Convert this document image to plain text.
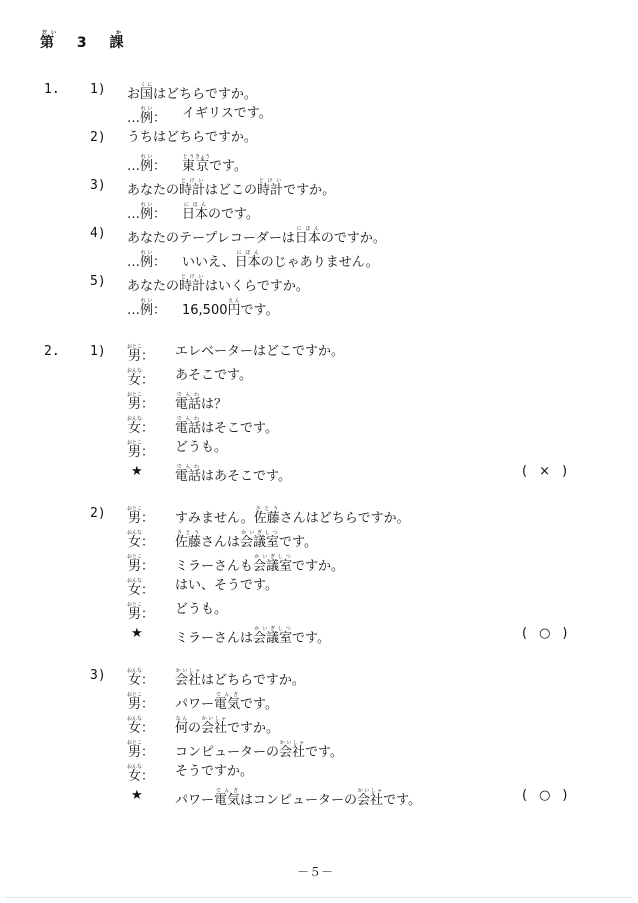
第だい 3 課か
1. 1) お国くにはどちらですか。
…例れい： イギリスです。
2) うちはどちらですか。
…例れい： 東とう京きょうです。
3) あなたの時計とけいはどこの時計とけいですか。
…例れい： 日本にほんのです。
4) あなたのテープレコーダーは日本にほんのですか。
…例れい： いいえ、日本にほんのじゃありません。
5) あなたの時計とけいはいくらですか。
…例れい： 16,500円えんです。
2. 1) 男おとこ： エレベーターはどこですか。
女おんな： あそこです。
男おとこ： 電話でんわは？
女おんな： 電話でんわはそこです。
男おとこ： どうも。
★ 電話でんわはあそこです。	( × )
2) 男おとこ： すみません。佐藤さとうさんはどちらですか。
女おんな： 佐藤さとうさんは会議室かいぎしつです。
男おとこ： ミラーさんも会議室かいぎしつですか。
女おんな： はい、そうです。
男おとこ： どうも。
★ ミラーさんは会議室かいぎしつです。	( ○ )
3) 女おんな： 会社かいしゃはどちらですか。
男おとこ： パワー電気でんきです。
女おんな： 何なんの会社かいしゃですか。
男おとこ： コンピューターの会社かいしゃです。
女おんな： そうですか。
★ パワー電気でんきはコンピューターの会社かいしゃです。	( ○ )
－５－
